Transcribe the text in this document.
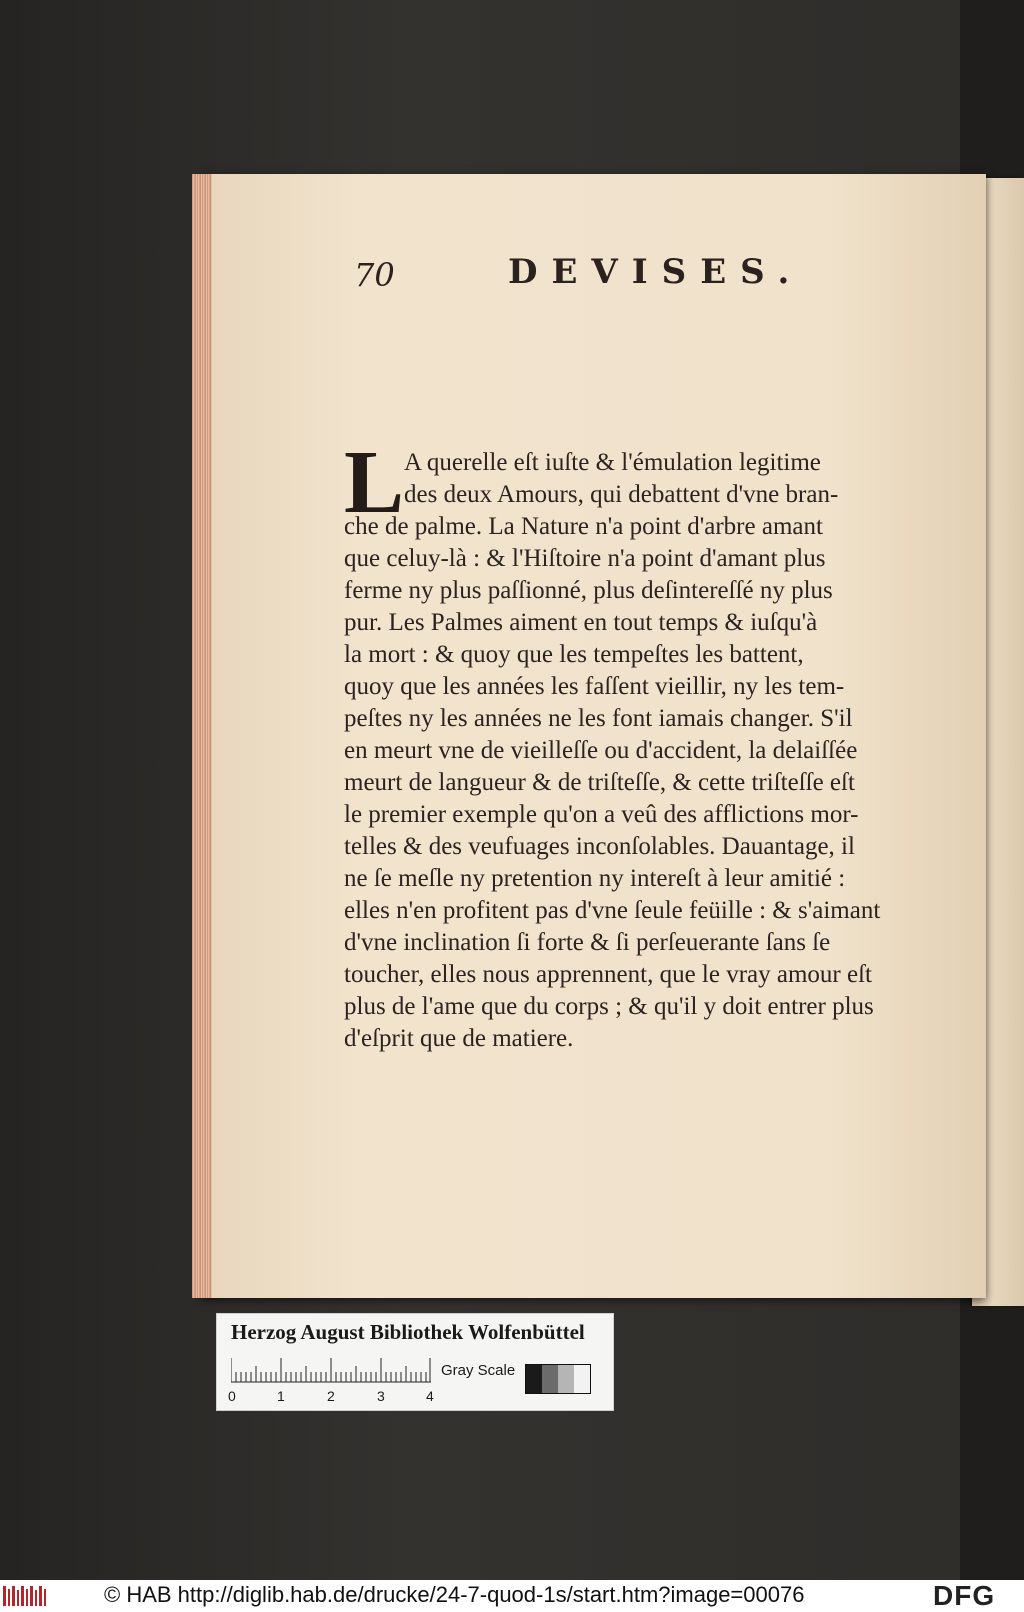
70	DEVISES.
L A querelle eſt iuſte & l'émulation legitime
des deux Amours, qui debattent d'vne bran-
che de palme. La Nature n'a point d'arbre amant
que celuy-là : & l'Hiſtoire n'a point d'amant plus
ferme ny plus paſſionné, plus deſintereſſé ny plus
pur. Les Palmes aiment en tout temps & iuſqu'à
la mort : & quoy que les tempeſtes les battent,
quoy que les années les faſſent vieillir, ny les tem-
peſtes ny les années ne les font iamais changer. S'il
en meurt vne de vieilleſſe ou d'accident, la delaiſſée
meurt de langueur & de triſteſſe, & cette triſteſſe eſt
le premier exemple qu'on a veû des afflictions mor-
telles & des veufuages inconſolables. Dauantage, il
ne ſe meſle ny pretention ny intereſt à leur amitié :
elles n'en profitent pas d'vne ſeule feüille : & s'aimant
d'vne inclination ſi forte & ſi perſeuerante ſans ſe
toucher, elles nous apprennent, que le vray amour eſt
plus de l'ame que du corps ; & qu'il y doit entrer plus
d'eſprit que de matiere.
Herzog August Bibliothek Wolfenbüttel
0	1	2	3	4
Gray Scale
© HAB http://diglib.hab.de/drucke/24-7-quod-1s/start.htm?image=00076	DFG
